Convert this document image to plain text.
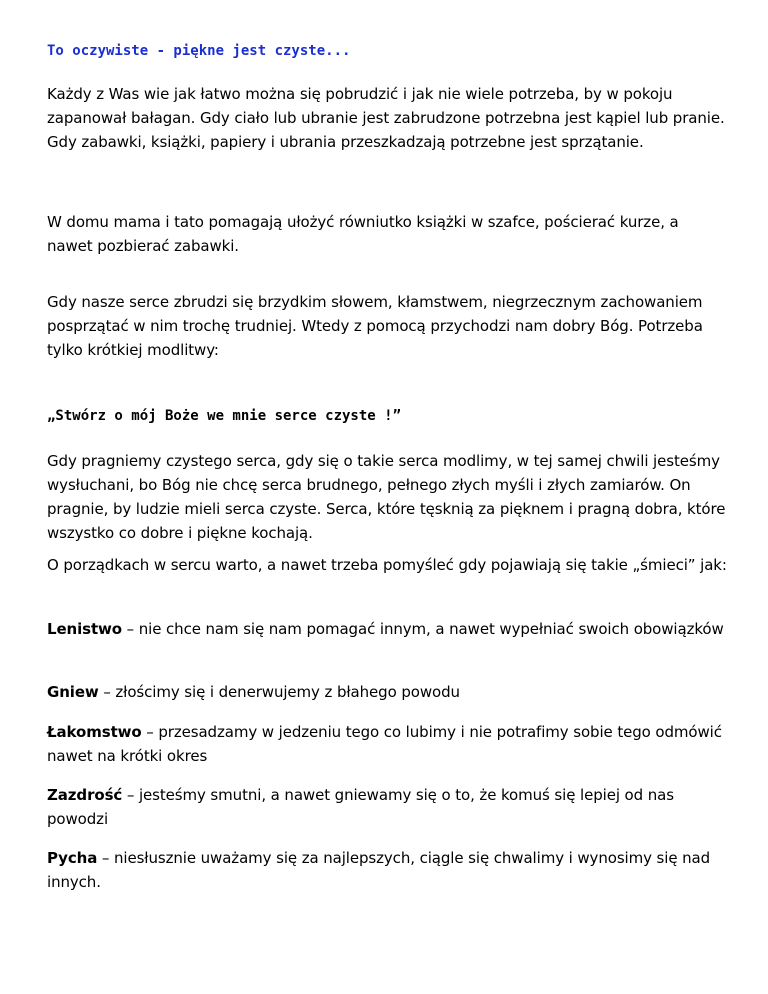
To oczywiste - piękne jest czyste...
Każdy z Was wie jak łatwo można się pobrudzić i jak nie wiele potrzeba, by w pokoju zapanował bałagan. Gdy ciało lub ubranie jest zabrudzone potrzebna jest kąpiel lub pranie. Gdy zabawki, książki, papiery i ubrania przeszkadzają potrzebne jest sprzątanie.
W domu mama i tato pomagają ułożyć równiutko książki w szafce, pościerać kurze, a nawet pozbierać zabawki.
Gdy nasze serce zbrudzi się brzydkim słowem, kłamstwem, niegrzecznym zachowaniem posprzątać w nim trochę trudniej. Wtedy z pomocą przychodzi nam dobry Bóg. Potrzeba tylko krótkiej modlitwy:
„Stwórz o mój Boże we mnie serce czyste !”
Gdy pragniemy czystego serca, gdy się o takie serca modlimy, w tej samej chwili jesteśmy wysłuchani, bo Bóg nie chcę serca brudnego, pełnego złych myśli i złych zamiarów. On pragnie, by ludzie mieli serca czyste. Serca, które tęsknią za pięknem i pragną dobra, które wszystko co dobre i piękne kochają.
O porządkach w sercu warto, a nawet trzeba pomyśleć gdy pojawiają się takie „śmieci” jak:
Lenistwo – nie chce nam się nam pomagać innym, a nawet wypełniać swoich obowiązków
Gniew – złościmy się i denerwujemy z błahego powodu
Łakomstwo – przesadzamy w jedzeniu tego co lubimy i nie potrafimy sobie tego odmówić nawet na krótki okres
Zazdrość – jesteśmy smutni, a nawet gniewamy się o to, że komuś się lepiej od nas powodzi
Pycha – niesłusznie uważamy się za najlepszych, ciągle się chwalimy i wynosimy się nad innych.
